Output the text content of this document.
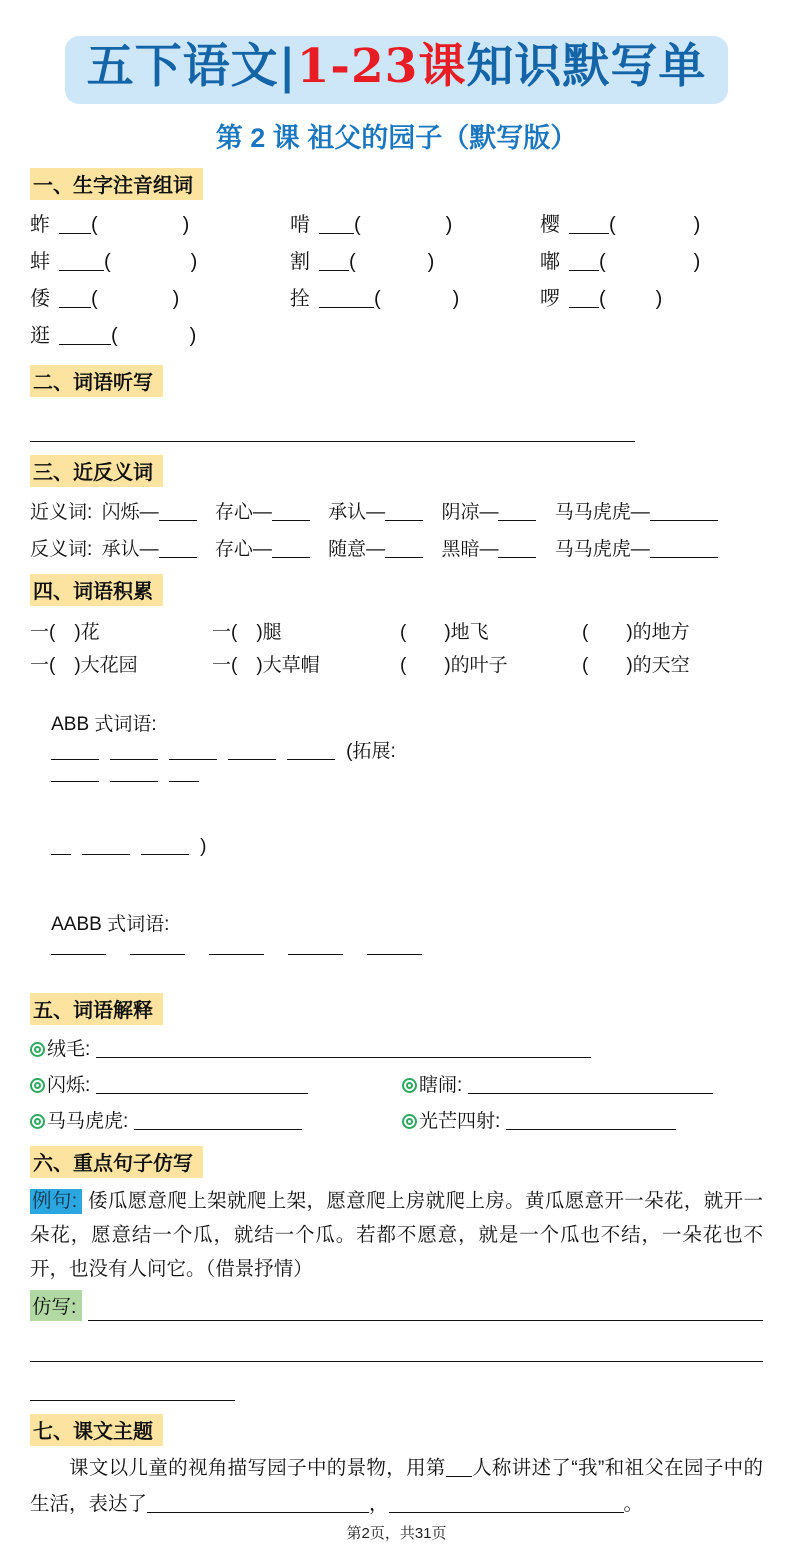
五下语文|1-23课知识默写单
第 2 课 祖父的园子（默写版）
一、生字注音组词
蚱 (	)	啃 (	)	樱 (	)
蚌	(	)	割 (	)	嘟 (	)
倭 (	)	拴	(	)	啰 (	)
逛	(	)
二、词语听写
三、近反义词
近义词: 闪烁—	存心—	承认—	阴凉—	马马虎虎—
反义词: 承认—	存心—	随意—	黑暗—	马马虎虎—
四、词语积累
一(　)花	一(　)腿	(　　)地飞	(　　)的地方
一(　)大花园	一(　)大草帽	(　　)的叶子	(　　)的天空

ABB 式词语:
(拓展:

)

AABB 式词语:

五、词语解释
绒毛:
闪烁:	瞎闹:
马马虎虎:	光芒四射:
六、重点句子仿写

例句: 倭瓜愿意爬上架就爬上架，愿意爬上房就爬上房。黄瓜愿意开一朵花，就开一朵花，愿意结一个瓜，就结一个瓜。若都不愿意，就是一个瓜也不结，一朵花也不开，也没有人问它。（借景抒情）

仿写:
七、课文主题

课文以儿童的视角描写园子中的景物，用第 人称讲述了“我”和祖父在园子中的生活，表达了	，	。

第2页，共31页
